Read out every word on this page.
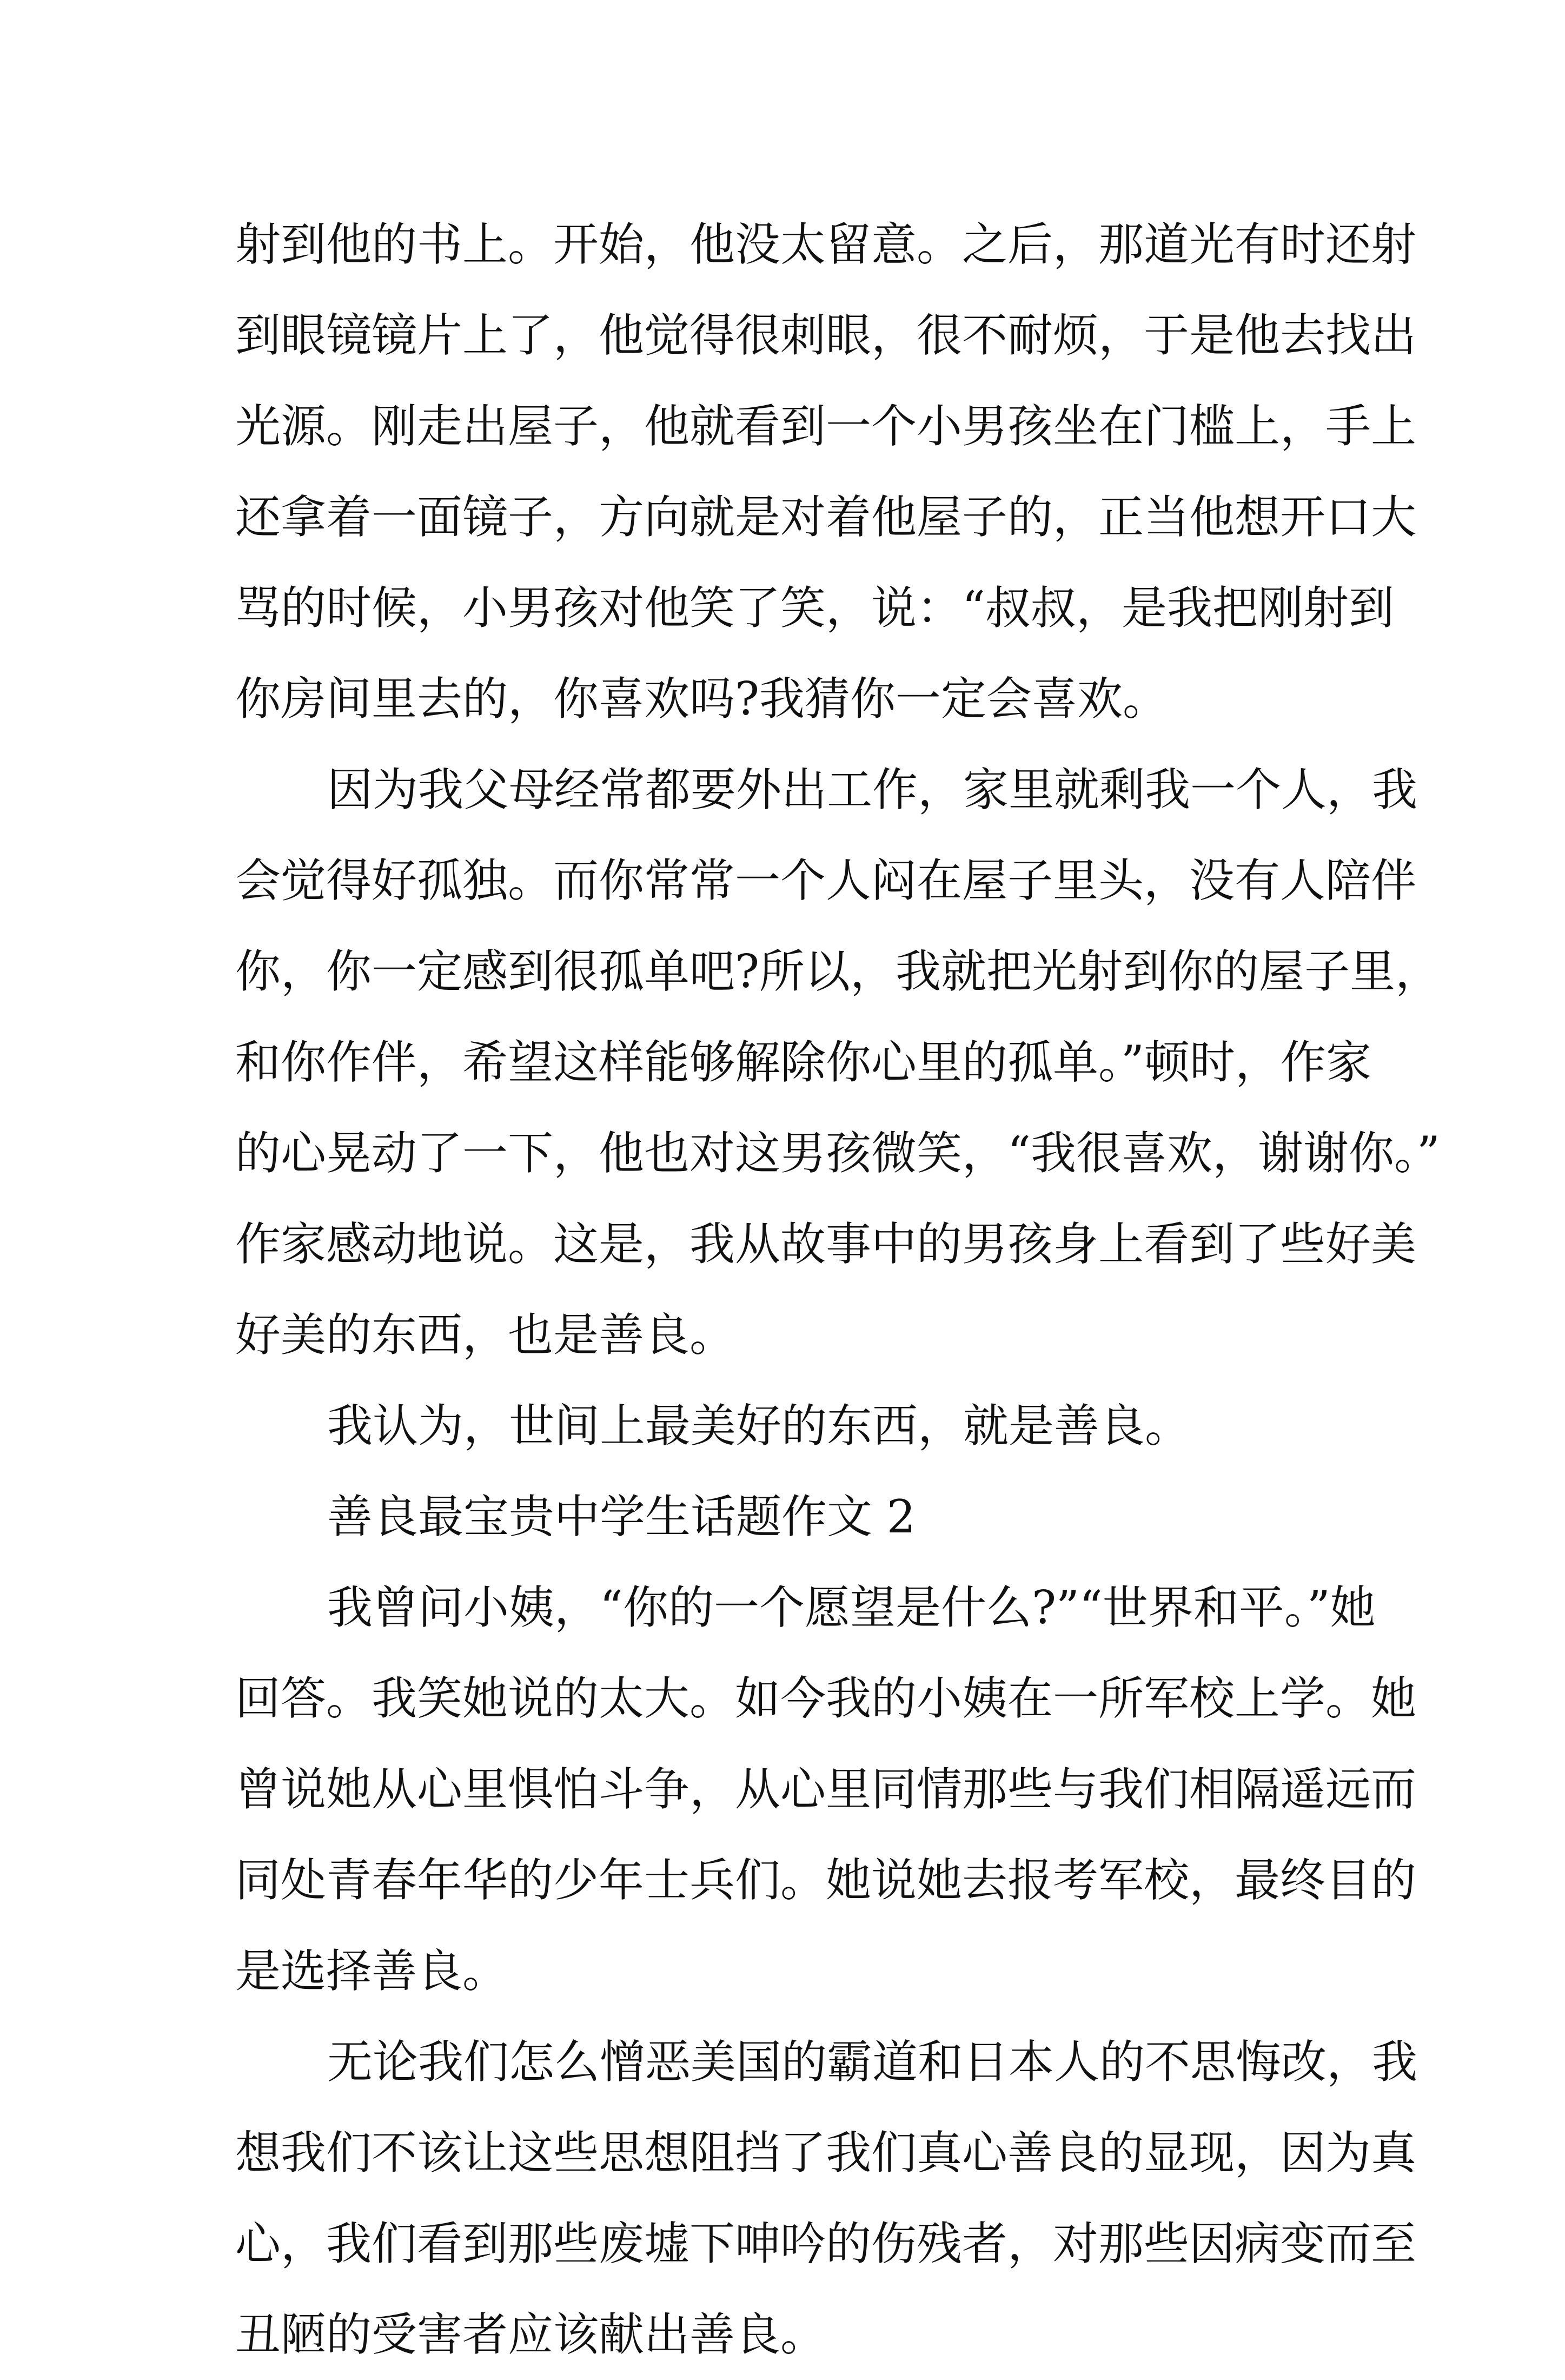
射到他的书上。开始，他没太留意。之后，那道光有时还射
到眼镜镜片上了，他觉得很刺眼，很不耐烦，于是他去找出
光源。刚走出屋子，他就看到一个小男孩坐在门槛上，手上
还拿着一面镜子，方向就是对着他屋子的，正当他想开口大
骂的时候，小男孩对他笑了笑，说：“叔叔，是我把刚射到
你房间里去的，你喜欢吗?我猜你一定会喜欢。
因为我父母经常都要外出工作，家里就剩我一个人，我
会觉得好孤独。而你常常一个人闷在屋子里头，没有人陪伴
你，你一定感到很孤单吧?所以，我就把光射到你的屋子里，
和你作伴，希望这样能够解除你心里的孤单。”顿时，作家
的心晃动了一下，他也对这男孩微笑，“我很喜欢，谢谢你。”
作家感动地说。这是，我从故事中的男孩身上看到了些好美
好美的东西，也是善良。
我认为，世间上最美好的东西，就是善良。
善良最宝贵中学生话题作文 2
我曾问小姨，“你的一个愿望是什么?”“世界和平。”她
回答。我笑她说的太大。如今我的小姨在一所军校上学。她
曾说她从心里惧怕斗争，从心里同情那些与我们相隔遥远而
同处青春年华的少年士兵们。她说她去报考军校，最终目的
是选择善良。
无论我们怎么憎恶美国的霸道和日本人的不思悔改，我
想我们不该让这些思想阻挡了我们真心善良的显现，因为真
心，我们看到那些废墟下呻吟的伤残者，对那些因病变而至
丑陋的受害者应该献出善良。
